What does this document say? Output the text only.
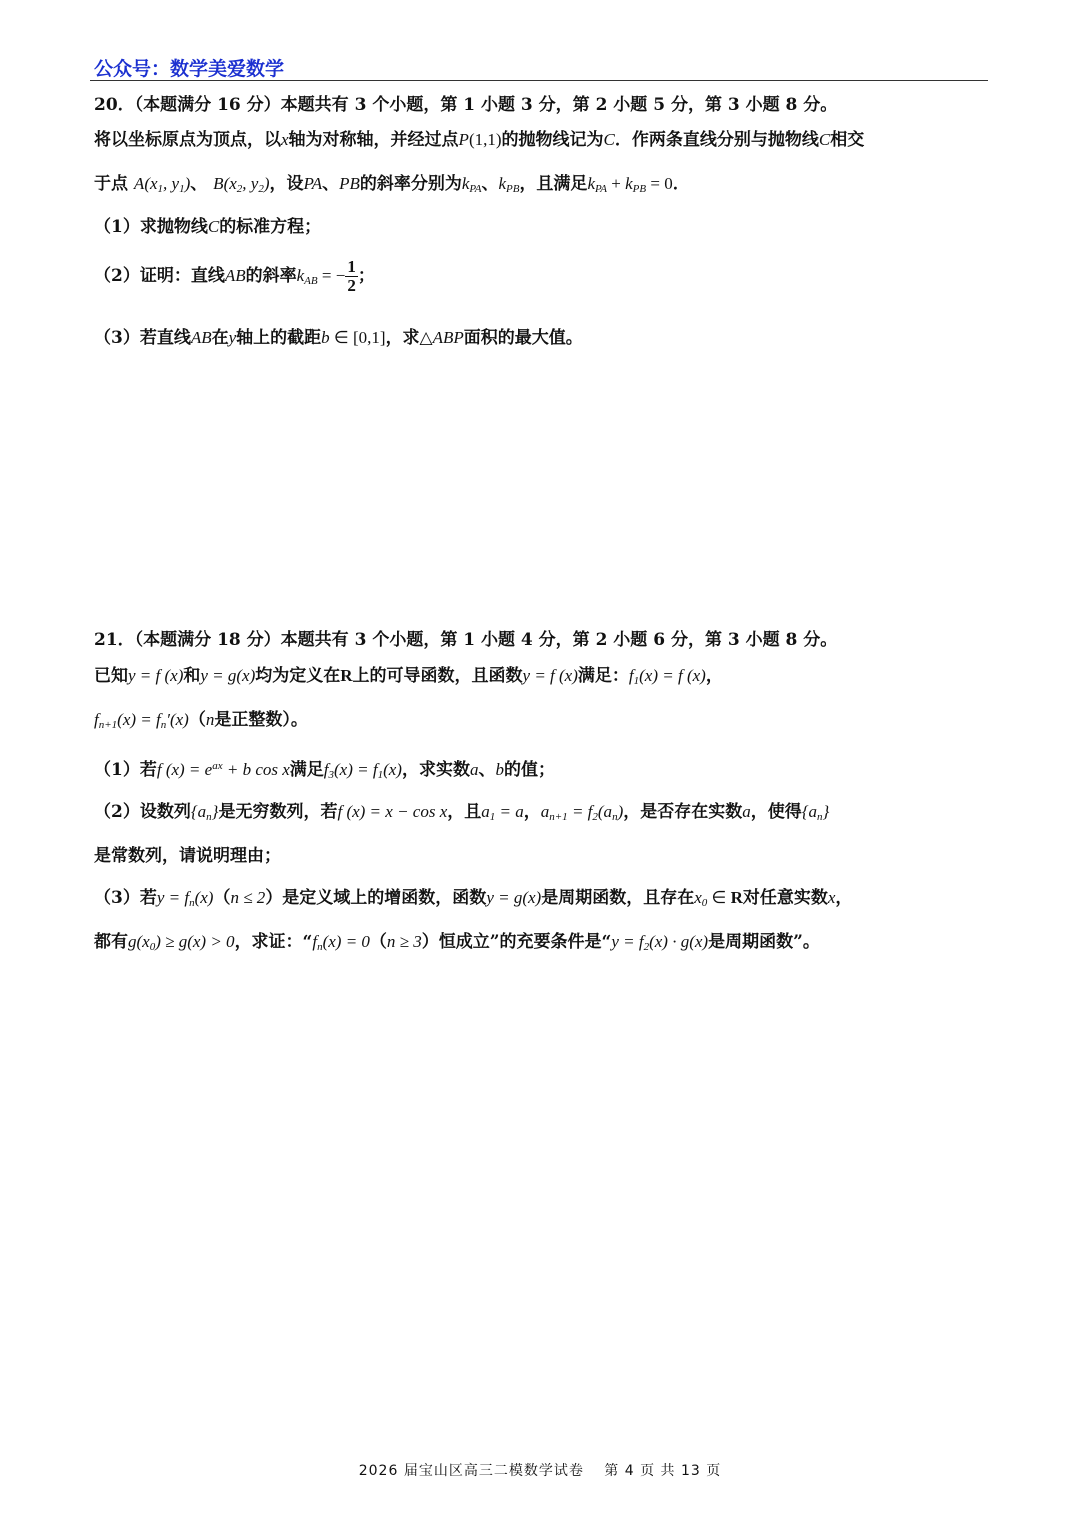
公众号：数学美爱数学
20．（本题满分 16 分）本题共有 3 个小题，第 1 小题 3 分，第 2 小题 5 分，第 3 小题 8 分。
将以坐标原点为顶点，以x轴为对称轴，并经过点P(1,1)的抛物线记为C．作两条直线分别与抛物线C相交
于点 $A(x_1$, $y_1$)、 $B(x_2$, $y_2$)，设PA、PB的斜率分别为$k_{PA}$、$k_{PB}$，且满足$k_{PA} + k_{PB} = 0$．
（1）求抛物线C的标准方程；
（2）证明：直线AB的斜率$k_{AB}$ = − $\frac{1}{2}$ ；
（3）若直线AB在y轴上的截距b ∈ [0,1]，求△ABP面积的最大值。
21．（本题满分 18 分）本题共有 3 个小题，第 1 小题 4 分，第 2 小题 6 分，第 3 小题 8 分。
已知y = f (x)和y = g(x)均为定义在R上的可导函数，且函数y = f (x)满足：$f_1(x) = f$ (x)，
$f_{n+1}(x) = f_n'(x)(n$是正整数）。
（1）若f $(x) = e^{ax} + b$ cos x满足$f_3(x) = f_1(x)$，求实数a、b的值；
（2）设数列$\{a_n\}$是无穷数列，若f (x) = x − cos x，且$a_1 = a$，$a_{n+1} = f_2(a_n)$，是否存在实数a，使得$\{a_n\}$
是常数列，请说明理由；
（3）若$y = f_n(x)(n \le 2)$是定义域上的增函数，函数y = g(x)是周期函数，且存在$x_0$ ∈ R对任意实数x，
都有$g(x_0) \ge g(x) > 0$，求证：“$f_n(x) = 0(n \ge 3)$恒成立”的充要条件是“$y = f_2(x) \cdot g(x)$是周期函数”。
2026 届宝山区高三二模数学试卷　 第 4 页 共 13 页
